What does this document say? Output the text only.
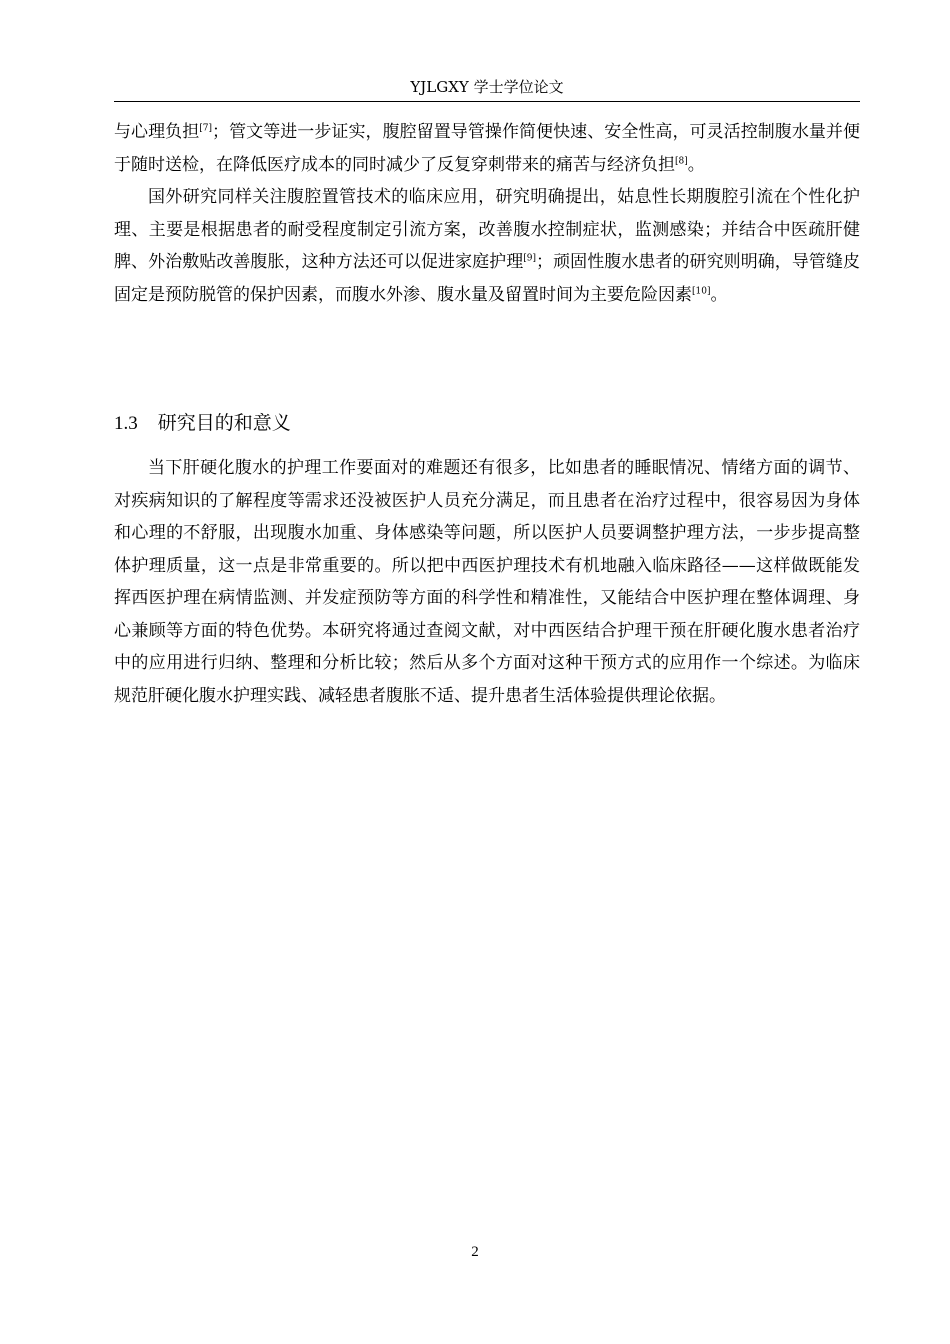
YJLGXY 学士学位论文

与心理负担[7]；管文等进一步证实，腹腔留置导管操作简便快速、安全性高，可灵活控制腹水量并便于随时送检，在降低医疗成本的同时减少了反复穿刺带来的痛苦与经济负担[8]。

国外研究同样关注腹腔置管技术的临床应用，研究明确提出，姑息性长期腹腔引流在个性化护理、主要是根据患者的耐受程度制定引流方案，改善腹水控制症状，监测感染；并结合中医疏肝健脾、外治敷贴改善腹胀，这种方法还可以促进家庭护理[9]；顽固性腹水患者的研究则明确，导管缝皮固定是预防脱管的保护因素，而腹水外渗、腹水量及留置时间为主要危险因素[10]。

1.3 研究目的和意义

当下肝硬化腹水的护理工作要面对的难题还有很多，比如患者的睡眠情况、情绪方面的调节、对疾病知识的了解程度等需求还没被医护人员充分满足，而且患者在治疗过程中，很容易因为身体和心理的不舒服，出现腹水加重、身体感染等问题，所以医护人员要调整护理方法，一步步提高整体护理质量，这一点是非常重要的。所以把中西医护理技术有机地融入临床路径——这样做既能发挥西医护理在病情监测、并发症预防等方面的科学性和精准性，又能结合中医护理在整体调理、身心兼顾等方面的特色优势。本研究将通过查阅文献，对中西医结合护理干预在肝硬化腹水患者治疗中的应用进行归纳、整理和分析比较；然后从多个方面对这种干预方式的应用作一个综述。为临床规范肝硬化腹水护理实践、减轻患者腹胀不适、提升患者生活体验提供理论依据。

2
